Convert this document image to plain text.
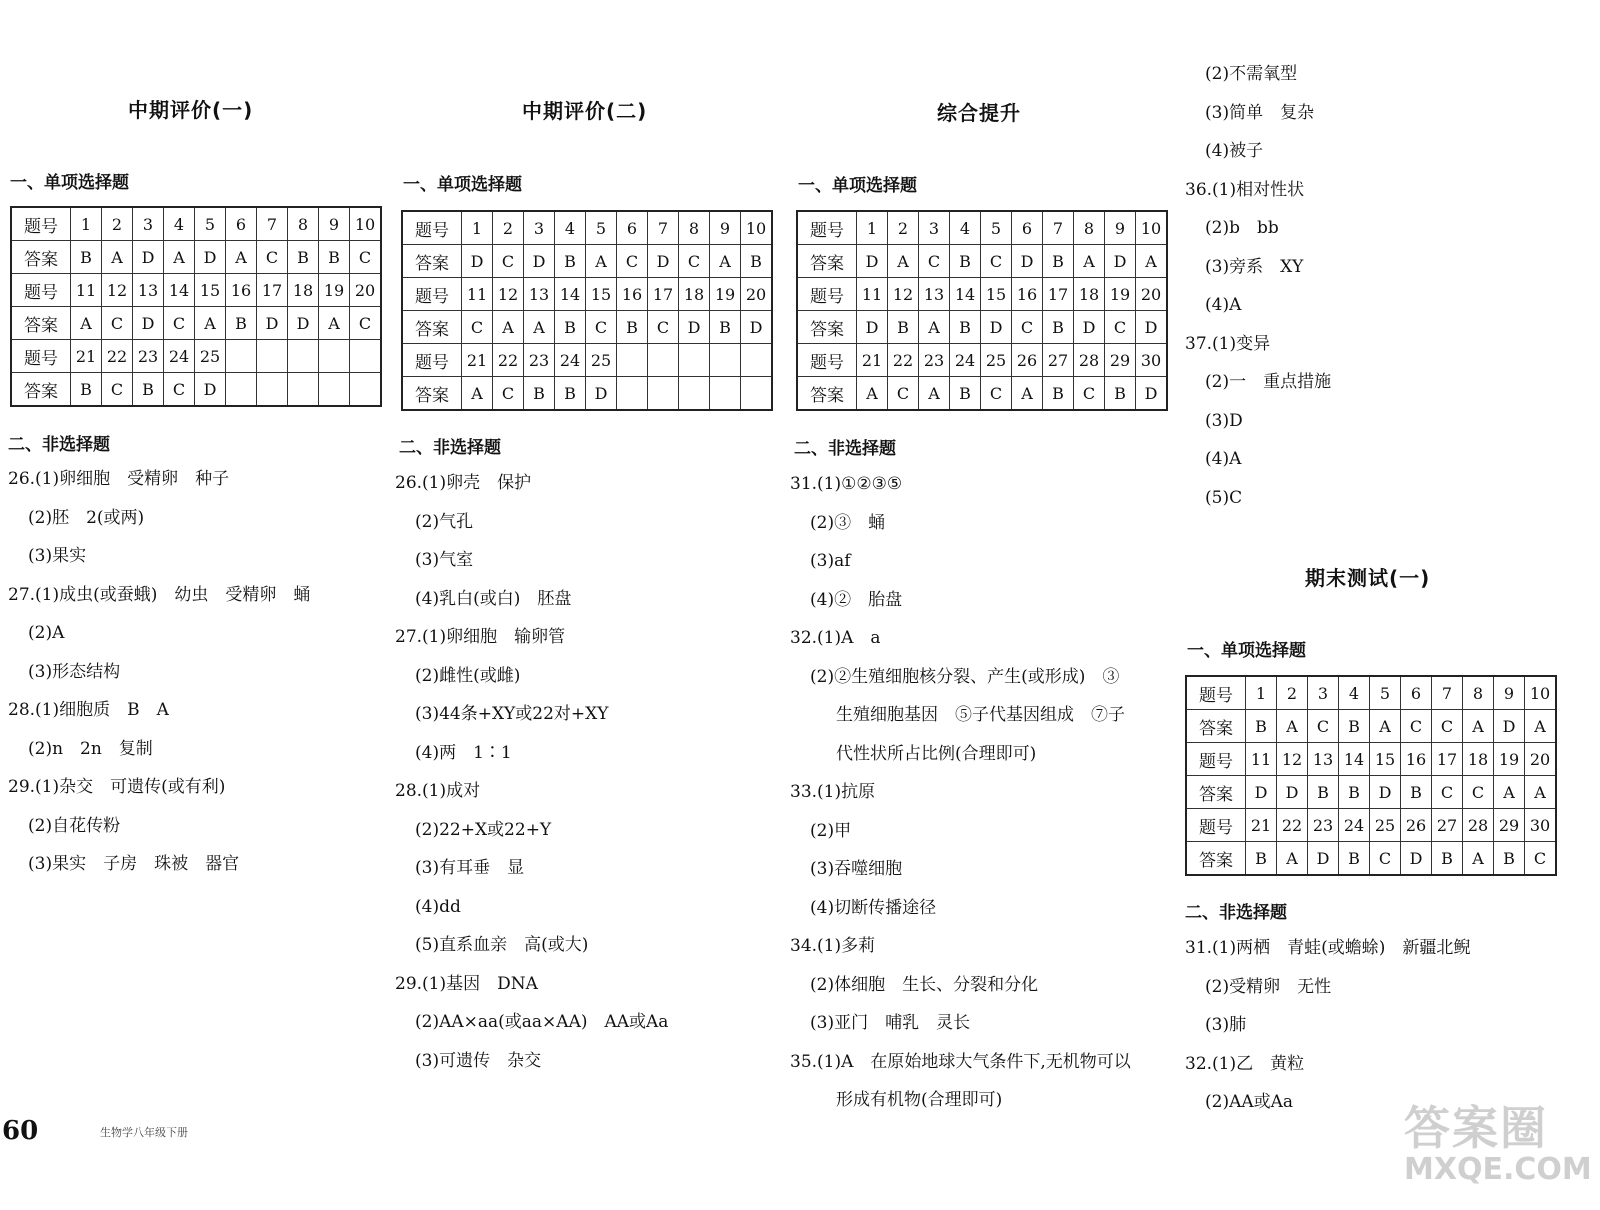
中期评价(一)
一、单项选择题
题号	1	2	3	4	5	6	7	8	9	10
答案	B	A	D	A	D	A	C	B	B	C
题号	11	12	13	14	15	16	17	18	19	20
答案	A	C	D	C	A	B	D	D	A	C
题号	21	22	23	24	25					
答案	B	C	B	C	D					
二、非选择题
26.(1)卵细胞　受精卵　种子
(2)胚　2(或两)
(3)果实
27.(1)成虫(或蚕蛾)　幼虫　受精卵　蛹
(2)A
(3)形态结构
28.(1)细胞质　B　A
(2)n　2n　复制
29.(1)杂交　可遗传(或有利)
(2)自花传粉
(3)果实　子房　珠被　器官
中期评价(二)
一、单项选择题
题号	1	2	3	4	5	6	7	8	9	10
答案	D	C	D	B	A	C	D	C	A	B
题号	11	12	13	14	15	16	17	18	19	20
答案	C	A	A	B	C	B	C	D	B	D
题号	21	22	23	24	25					
答案	A	C	B	B	D					
二、非选择题
26.(1)卵壳　保护
(2)气孔
(3)气室
(4)乳白(或白)　胚盘
27.(1)卵细胞　输卵管
(2)雌性(或雌)
(3)44条+XY或22对+XY
(4)两　1∶1
28.(1)成对
(2)22+X或22+Y
(3)有耳垂　显
(4)dd
(5)直系血亲　高(或大)
29.(1)基因　DNA
(2)AA×aa(或aa×AA)　AA或Aa
(3)可遗传　杂交
综合提升
一、单项选择题
题号	1	2	3	4	5	6	7	8	9	10
答案	D	A	C	B	C	D	B	A	D	A
题号	11	12	13	14	15	16	17	18	19	20
答案	D	B	A	B	D	C	B	D	C	D
题号	21	22	23	24	25	26	27	28	29	30
答案	A	C	A	B	C	A	B	C	B	D
二、非选择题
31.(1)①②③⑤
(2)③　蛹
(3)af
(4)②　胎盘
32.(1)A　a
(2)②生殖细胞核分裂、产生(或形成)　③
生殖细胞基因　⑤子代基因组成　⑦子
代性状所占比例(合理即可)
33.(1)抗原
(2)甲
(3)吞噬细胞
(4)切断传播途径
34.(1)多莉
(2)体细胞　生长、分裂和分化
(3)亚门　哺乳　灵长
35.(1)A　在原始地球大气条件下,无机物可以
形成有机物(合理即可)
(2)不需氧型
(3)简单　复杂
(4)被子
36.(1)相对性状
(2)b　bb
(3)旁系　XY
(4)A
37.(1)变异
(2)一　重点措施
(3)D
(4)A
(5)C
期末测试(一)
一、单项选择题
题号	1	2	3	4	5	6	7	8	9	10
答案	B	A	C	B	A	C	C	A	D	A
题号	11	12	13	14	15	16	17	18	19	20
答案	D	D	B	B	D	B	C	C	A	A
题号	21	22	23	24	25	26	27	28	29	30
答案	B	A	D	B	C	D	B	A	B	C
二、非选择题
31.(1)两栖　青蛙(或蟾蜍)　新疆北鲵
(2)受精卵　无性
(3)肺
32.(1)乙　黄粒
(2)AA或Aa
60	生物学八年级下册	答案圈
MXQE.COM
